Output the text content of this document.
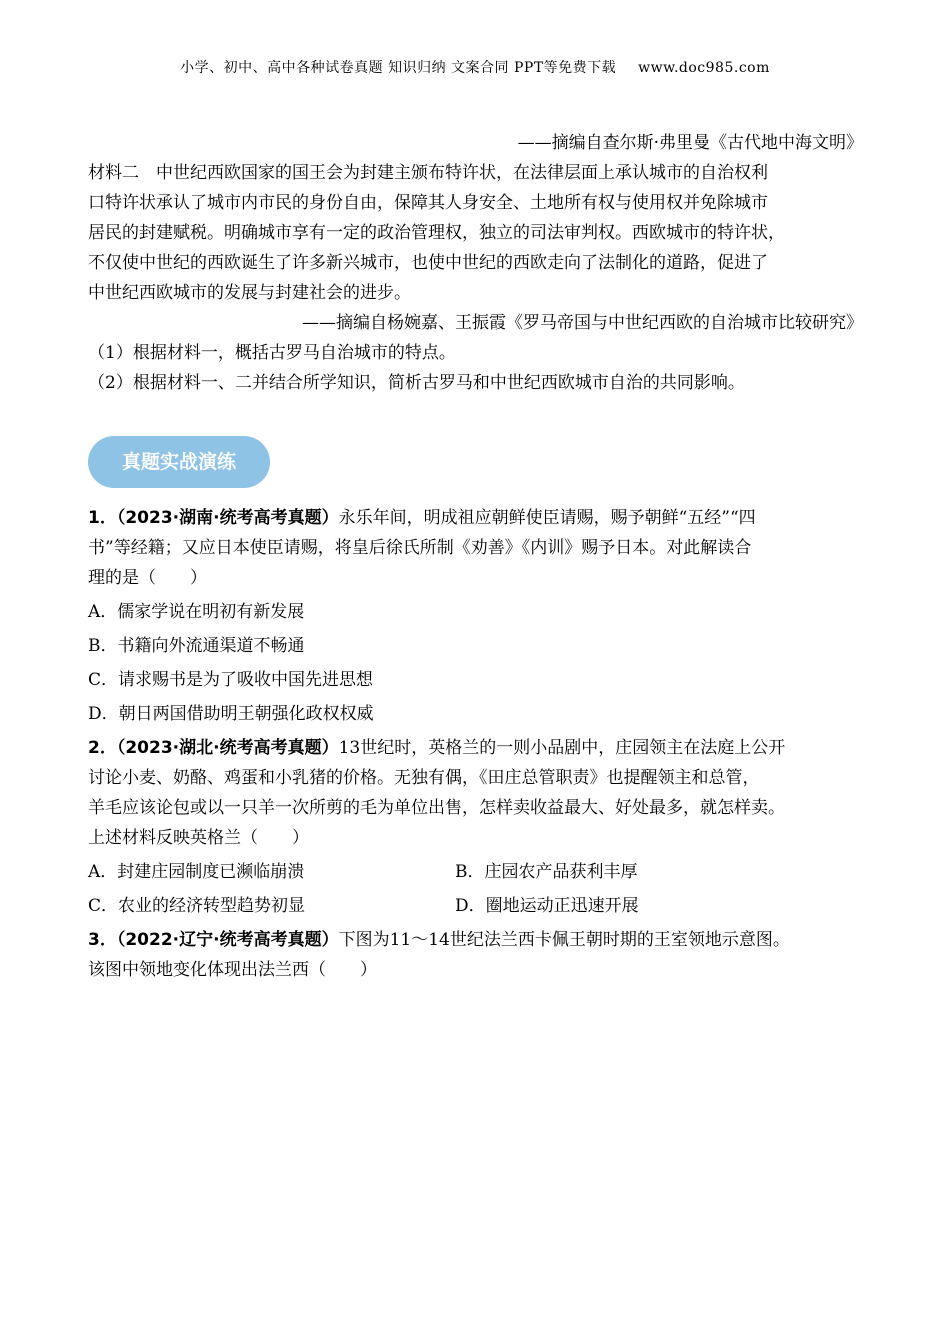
小学、初中、高中各种试卷真题 知识归纳 文案合同 PPT等免费下载 www.doc985.com
——摘编自查尔斯·弗里曼《古代地中海文明》
材料二　中世纪西欧国家的国王会为封建主颁布特许状，在法律层面上承认城市的自治权利
口特许状承认了城市内市民的身份自由，保障其人身安全、土地所有权与使用权并免除城市
居民的封建赋税。明确城市享有一定的政治管理权，独立的司法审判权。西欧城市的特许状，
不仅使中世纪的西欧诞生了许多新兴城市，也使中世纪的西欧走向了法制化的道路，促进了
中世纪西欧城市的发展与封建社会的进步。
——摘编自杨婉嘉、王振霞《罗马帝国与中世纪西欧的自治城市比较研究》
（1）根据材料一，概括古罗马自治城市的特点。
（2）根据材料一、二并结合所学知识，简析古罗马和中世纪西欧城市自治的共同影响。
真题实战演练
1．（2023·湖南·统考高考真题）永乐年间，明成祖应朝鲜使臣请赐，赐予朝鲜“五经”“四
书”等经籍；又应日本使臣请赐，将皇后徐氏所制《劝善》《内训》赐予日本。对此解读合
理的是（　　）
A．儒家学说在明初有新发展
B．书籍向外流通渠道不畅通
C．请求赐书是为了吸收中国先进思想
D．朝日两国借助明王朝强化政权权威
2．（2023·湖北·统考高考真题）13世纪时，英格兰的一则小品剧中，庄园领主在法庭上公开
讨论小麦、奶酪、鸡蛋和小乳猪的价格。无独有偶，《田庄总管职责》也提醒领主和总管，
羊毛应该论包或以一只羊一次所剪的毛为单位出售，怎样卖收益最大、好处最多，就怎样卖。
上述材料反映英格兰（　　）
A．封建庄园制度已濒临崩溃	B．庄园农产品获利丰厚
C．农业的经济转型趋势初显	D．圈地运动正迅速开展
3．（2022·辽宁·统考高考真题）下图为11～14世纪法兰西卡佩王朝时期的王室领地示意图。
该图中领地变化体现出法兰西（　　）
